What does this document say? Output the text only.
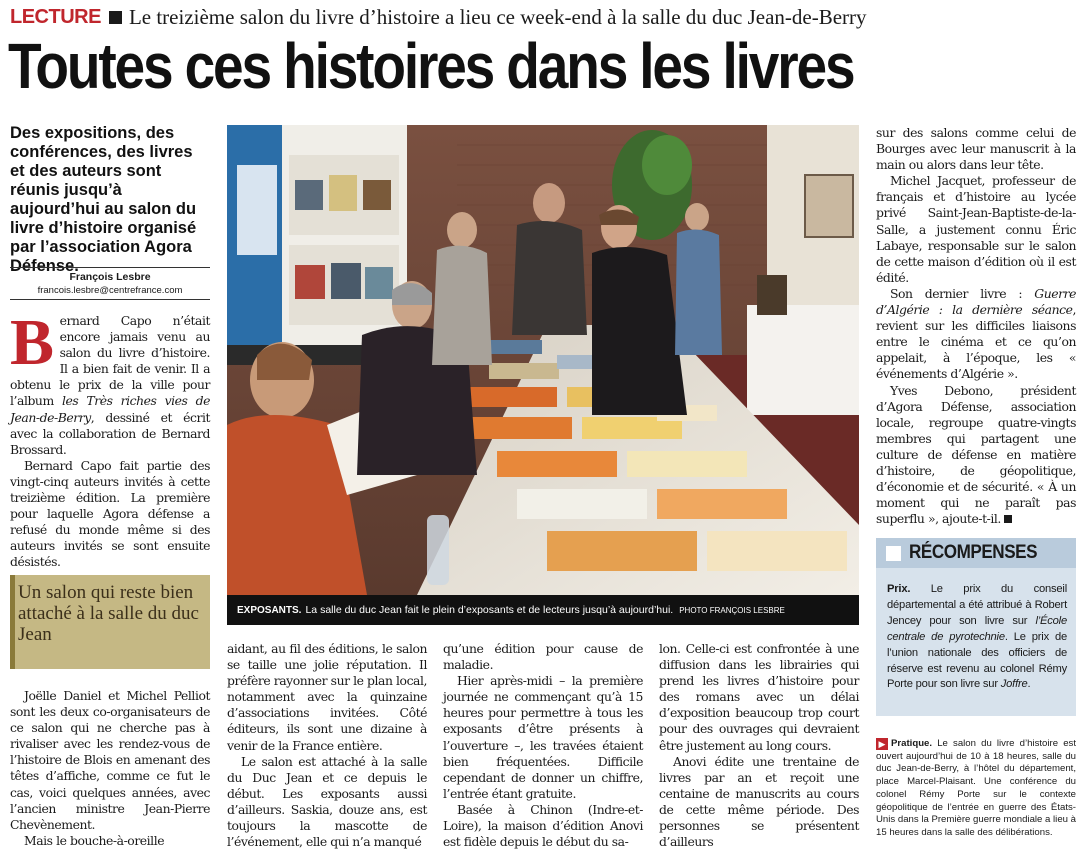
LECTURE Le treizième salon du livre d’histoire a lieu ce week-end à la salle du duc Jean-de-Berry
Toutes ces histoires dans les livres
Des expositions, des conférences, des livres et des auteurs sont réunis jusqu’à aujourd’hui au salon du livre d’histoire organisé par l’association Agora Défense.
François Lesbre
francois.lesbre@centrefrance.com

Bernard Capo n’était encore jamais venu au salon du livre d’histoire. Il a bien fait de venir. Il a obtenu le prix de la ville pour l’album les Très riches vies de Jean-de-Berry, dessiné et écrit avec la collaboration de Bernard Brossard.

Bernard Capo fait partie des vingt-cinq auteurs invités à cette treizième édition. La première pour laquelle Agora défense a refusé du monde même si des auteurs invités se sont ensuite désistés.

Un salon qui reste bien attaché à la salle du duc Jean

Joëlle Daniel et Michel Pelliot sont les deux co-organisateurs de ce salon qui ne cherche pas à rivaliser avec les rendez-vous de l’histoire de Blois en amenant des têtes d’affiche, comme ce fut le cas, voici quelques années, avec l’ancien ministre Jean-Pierre Chevènement.

Mais le bouche-à-oreille

EXPOSANTS. La salle du duc Jean fait le plein d’exposants et de lecteurs jusqu’à aujourd’hui. PHOTO FRANÇOIS LESBRE

aidant, au fil des éditions, le salon se taille une jolie réputation. Il préfère rayonner sur le plan local, notamment avec la quinzaine d’associations invitées. Côté éditeurs, ils sont une dizaine à venir de la France entière.

Le salon est attaché à la salle du Duc Jean et ce depuis le début. Les exposants aussi d’ailleurs. Saskia, douze ans, est toujours la mascotte de l’événement, elle qui n’a manqué

qu’une édition pour cause de maladie.

Hier après-midi – la première journée ne commençant qu’à 15 heures pour permettre à tous les exposants d’être présents à l’ouverture –, les travées étaient bien fréquentées. Difficile cependant de donner un chiffre, l’entrée étant gratuite.

Basée à Chinon (Indre-et-Loire), la maison d’édition Anovi est fidèle depuis le début du sa-

lon. Celle-ci est confrontée à une diffusion dans les librairies qui prend les livres d’histoire pour des romans avec un délai d’exposition beaucoup trop court pour des ouvrages qui devraient être justement au long cours.

Anovi édite une trentaine de livres par an et reçoit une centaine de manuscrits au cours de cette même période. Des personnes se présentent d’ailleurs

sur des salons comme celui de Bourges avec leur manuscrit à la main ou alors dans leur tête.

Michel Jacquet, professeur de français et d’histoire au lycée privé Saint-Jean-Baptiste-de-la-Salle, a justement connu Éric Labaye, responsable sur le salon de cette maison d’édition où il est édité.

Son dernier livre : Guerre d’Algérie : la dernière séance, revient sur les difficiles liaisons entre le cinéma et ce qu’on appelait, à l’époque, les « événements d’Algérie ».

Yves Debono, président d’Agora Défense, association locale, regroupe quatre-vingts membres qui partagent une culture de défense en matière d’histoire, de géopolitique, d’économie et de sécurité. « À un moment qui ne paraît pas superflu », ajoute-t-il.

RÉCOMPENSES
Prix. Le prix du conseil départemental a été attribué à Robert Jencey pour son livre sur l’École centrale de pyrotechnie. Le prix de l’union nationale des officiers de réserve est revenu au colonel Rémy Porte pour son livre sur Joffre.
▶ Pratique. Le salon du livre d’histoire est ouvert aujourd’hui de 10 à 18 heures, salle du duc Jean-de-Berry, à l’hôtel du département, place Marcel-Plaisant. Une conférence du colonel Rémy Porte sur le contexte géopolitique de l’entrée en guerre des États-Unis dans la Première guerre mondiale a lieu à 15 heures dans la salle des délibérations.
